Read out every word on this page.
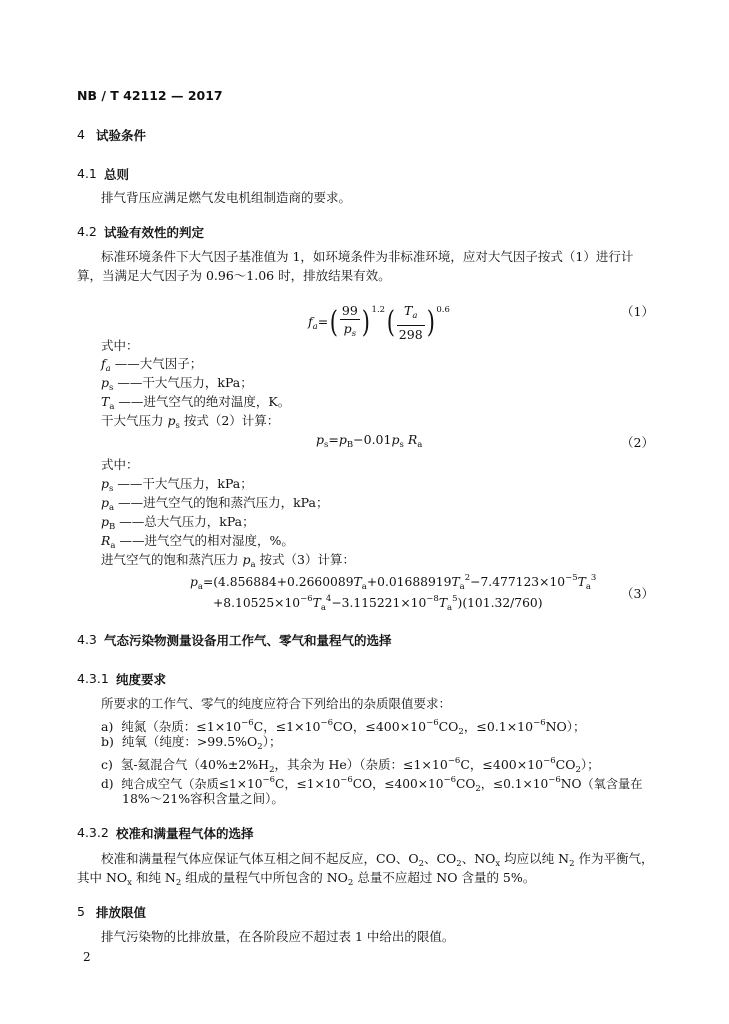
NB / T 42112 — 2017
4 试验条件
4.1 总则
排气背压应满足燃气发电机组制造商的要求。
4.2 试验有效性的判定
标准环境条件下大气因子基准值为 1，如环境条件为非标准环境，应对大气因子按式（1）进行计
算，当满足大气因子为 0.96～1.06 时，排放结果有效。
$f_a=( \frac{99}{p_s}$ ) $^{1.2}( \frac{T_a}{298}$ ) $^{0.6}$	（1）
式中：
$f_a$ ——大气因子；
$p_s$ ——干大气压力，kPa；
$T_a$ ——进气空气的绝对温度，K。
干大气压力 $p_s$ 按式（2）计算：
$p_s=p_B-0.01p_s$ $R_a$	（2）
式中：
$p_s$ ——干大气压力，kPa；
$p_a$ ——进气空气的饱和蒸汽压力，kPa；
$p_B$ ——总大气压力，kPa；
$R_a$ ——进气空气的相对湿度，%。
进气空气的饱和蒸汽压力 $p_a$ 按式（3）计算：
$p_a=(4.856884+0.2660089T_a+0.01688919T_a^2-7.477123\times 10^{-5}T_a^3$
$+8.10525\times 10^{-6}T_a^4-3.115221\times 10^{-8}T_a^5)(101.32/760)$
（3）
4.3 气态污染物测量设备用工作气、零气和量程气的选择
4.3.1 纯度要求
所要求的工作气、零气的纯度应符合下列给出的杂质限值要求：
a)  纯氮（杂质：$\le 1\times 10^{-6}C$，$\le 1\times 10^{-6}CO$，$\le 400\times 10^{-6}CO_2$，$\le 0.1\times 10^{-6}NO$）；
b)  纯氧（纯度：$>99.5\%O_2$）；
c)  氢-氦混合气（$40\%\pm 2\%H_2$，其余为 He）（杂质：$\le 1\times 10^{-6}C$，$\le 400\times 10^{-6}CO_2$）；
d)  纯合成空气（杂质$\le 1\times 10^{-6}C$，$\le 1\times 10^{-6}CO$，$\le 400\times 10^{-6}CO_2$，$\le 0.1\times 10^{-6}NO$（氧含量在
18%～21%容积含量之间）。
4.3.2 校准和满量程气体的选择
校准和满量程气体应保证气体互相之间不起反应，CO、$O_2$、$CO_2$、$NO_x$ 均应以纯 $N_2$ 作为平衡气，
其中 $NO_x$ 和纯 $N_2$ 组成的量程气中所包含的 $NO_2$ 总量不应超过 NO 含量的 5%。
5 排放限值
排气污染物的比排放量，在各阶段应不超过表 1 中给出的限值。
2
